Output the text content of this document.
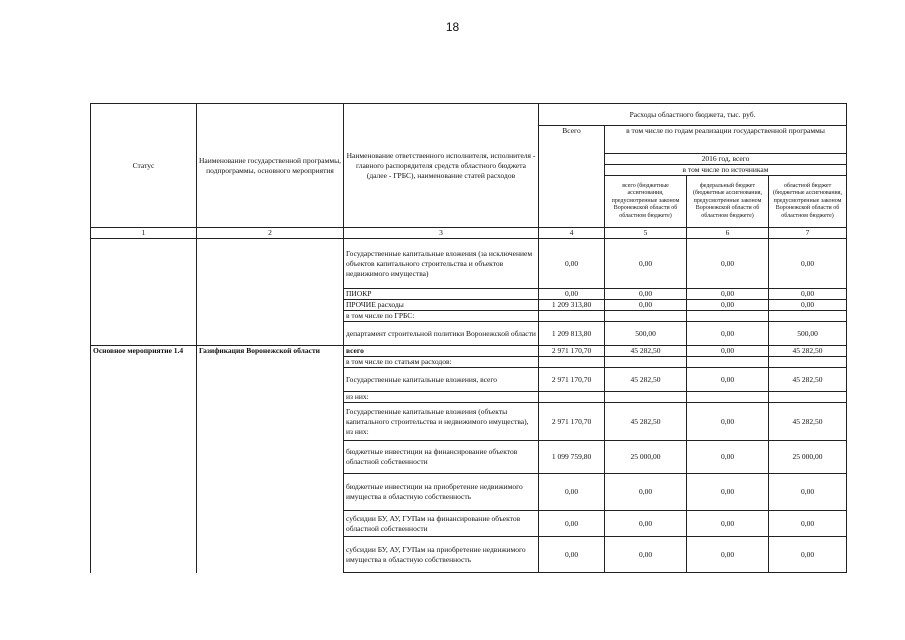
18
Статус	Наименование государственной программы, подпрограммы, основного мероприятия	Наименование ответственного исполнителя, исполнителя - главного распорядителя средств областного бюджета (далее - ГРБС), наименование статей расходов	Расходы областного бюджета, тыс. руб.			
			Всего	в том числе по годам реализации государственной программы		
				2016 год, всего		
				в том числе по источникам		
				всего (бюджетные ассигнования, предусмотренные законом Воронежской области об областном бюджете)	федеральный бюджет (бюджетные ассигнования, предусмотренные законом Воронежской области об областном бюджете)	областной бюджет (бюджетные ассигнования, предусмотренные законом Воронежской области об областном бюджете)
1	2	3	4	5	6	7
		Государственные капитальные вложения (за исключением объектов капитального строительства и объектов недвижимого имущества)	0,00	0,00	0,00	0,00
		ПИОКР	0,00	0,00	0,00	0,00
		ПРОЧИЕ расходы	1 209 313,80	0,00	0,00	0,00
		в том числе по ГРБС:				
		департамент строительной политики Воронежской области	1 209 813,80	500,00	0,00	500,00
Основное мероприятие 1.4	Газификация Воронежской области	всего	2 971 170,70	45 282,50	0,00	45 282,50
		в том числе по статьям расходов:				
		Государственные капитальные вложения, всего	2 971 170,70	45 282,50	0,00	45 282,50
		из них:				
		Государственные капитальные вложения (объекты капитального строительства и недвижимого имущества), из них:	2 971 170,70	45 282,50	0,00	45 282,50
		бюджетные инвестиции на финансирование объектов областной собственности	1 099 759,80	25 000,00	0,00	25 000,00
		бюджетные инвестиции на приобретение недвижимого имущества в областную собственность	0,00	0,00	0,00	0,00
		субсидии БУ, АУ, ГУПам на финансирование объектов областной собственности	0,00	0,00	0,00	0,00
		субсидии БУ, АУ, ГУПам на приобретение недвижимого имущества в областную собственность	0,00	0,00	0,00	0,00
